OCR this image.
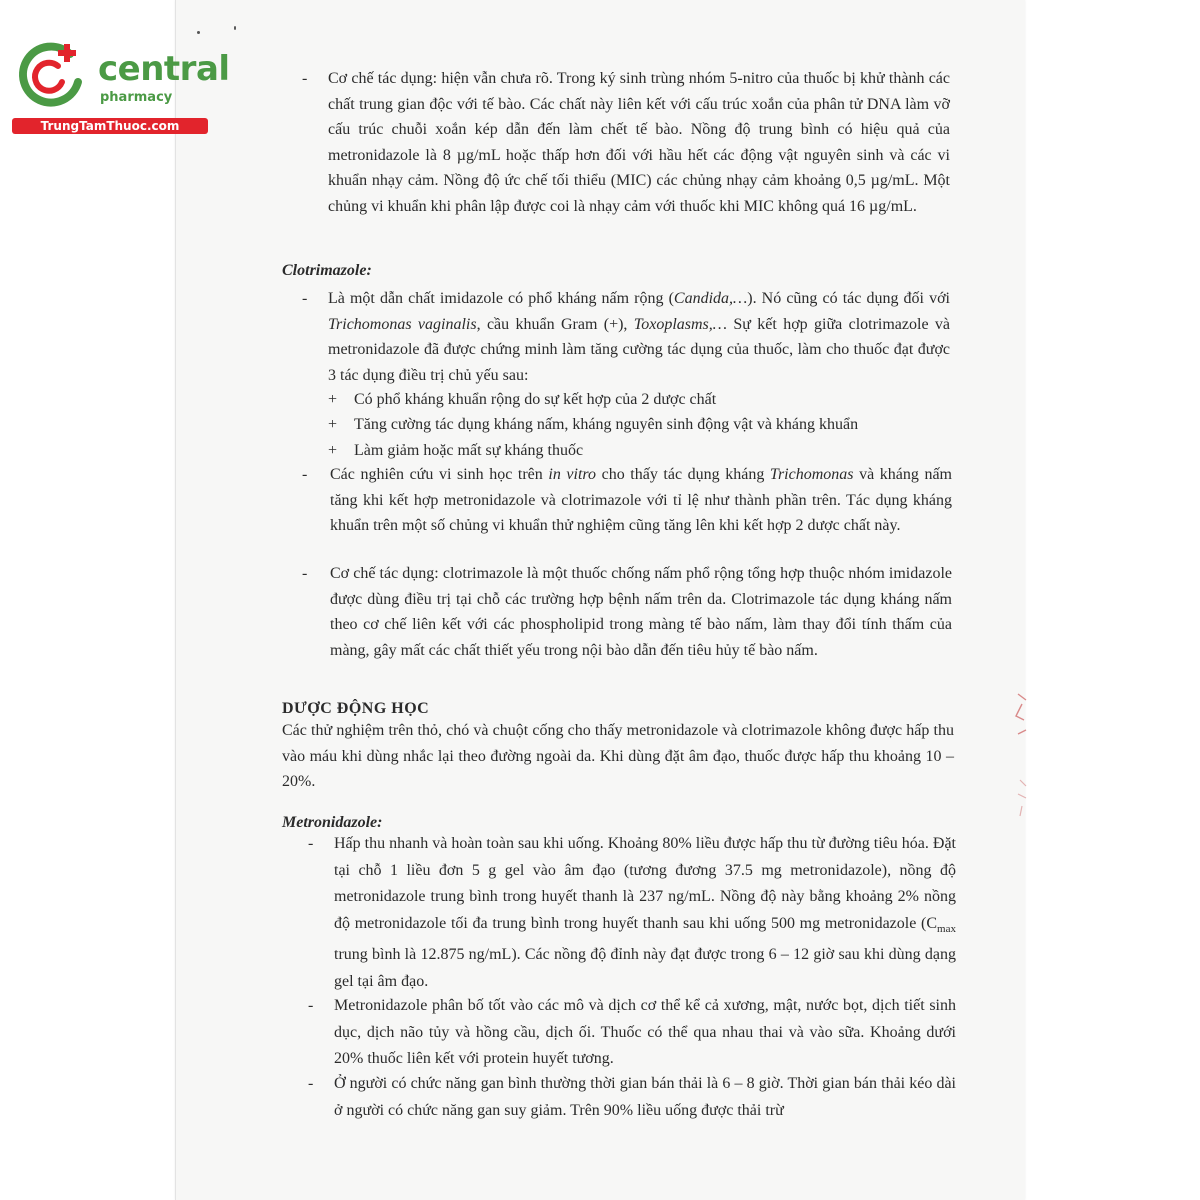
central
pharmacy
TrungTamThuoc.com
-	Cơ chế tác dụng: hiện vẫn chưa rõ. Trong ký sinh trùng nhóm 5-nitro của thuốc bị khử thành các chất trung gian độc với tế bào. Các chất này liên kết với cấu trúc xoắn của phân tử DNA làm vỡ cấu trúc chuỗi xoắn kép dẫn đến làm chết tế bào. Nồng độ trung bình có hiệu quả của metronidazole là 8 µg/mL hoặc thấp hơn đối với hầu hết các động vật nguyên sinh và các vi khuẩn nhạy cảm. Nồng độ ức chế tối thiểu (MIC) các chủng nhạy cảm khoảng 0,5 µg/mL. Một chủng vi khuẩn khi phân lập được coi là nhạy cảm với thuốc khi MIC không quá 16 µg/mL.
Clotrimazole:
-	Là một dẫn chất imidazole có phổ kháng nấm rộng (Candida,…). Nó cũng có tác dụng đối với Trichomonas vaginalis, cầu khuẩn Gram (+), Toxoplasms,… Sự kết hợp giữa clotrimazole và metronidazole đã được chứng minh làm tăng cường tác dụng của thuốc, làm cho thuốc đạt được 3 tác dụng điều trị chủ yếu sau:
+ Có phổ kháng khuẩn rộng do sự kết hợp của 2 dược chất
+ Tăng cường tác dụng kháng nấm, kháng nguyên sinh động vật và kháng khuẩn
+ Làm giảm hoặc mất sự kháng thuốc
-	Các nghiên cứu vi sinh học trên in vitro cho thấy tác dụng kháng Trichomonas và kháng nấm tăng khi kết hợp metronidazole và clotrimazole với tỉ lệ như thành phần trên. Tác dụng kháng khuẩn trên một số chủng vi khuẩn thử nghiệm cũng tăng lên khi kết hợp 2 dược chất này.
-	Cơ chế tác dụng: clotrimazole là một thuốc chống nấm phổ rộng tổng hợp thuộc nhóm imidazole được dùng điều trị tại chỗ các trường hợp bệnh nấm trên da. Clotrimazole tác dụng kháng nấm theo cơ chế liên kết với các phospholipid trong màng tế bào nấm, làm thay đổi tính thấm của màng, gây mất các chất thiết yếu trong nội bào dẫn đến tiêu hủy tế bào nấm.
DƯỢC ĐỘNG HỌC
Các thử nghiệm trên thỏ, chó và chuột cống cho thấy metronidazole và clotrimazole không được hấp thu vào máu khi dùng nhắc lại theo đường ngoài da. Khi dùng đặt âm đạo, thuốc được hấp thu khoảng 10 – 20%.
Metronidazole:
-	Hấp thu nhanh và hoàn toàn sau khi uống. Khoảng 80% liều được hấp thu từ đường tiêu hóa. Đặt tại chỗ 1 liều đơn 5 g gel vào âm đạo (tương đương 37.5 mg metronidazole), nồng độ metronidazole trung bình trong huyết thanh là 237 ng/mL. Nồng độ này bằng khoảng 2% nồng độ metronidazole tối đa trung bình trong huyết thanh sau khi uống 500 mg metronidazole ($C_{max}$ trung bình là 12.875 ng/mL). Các nồng độ đỉnh này đạt được trong 6 – 12 giờ sau khi dùng dạng gel tại âm đạo.
-	Metronidazole phân bố tốt vào các mô và dịch cơ thể kể cả xương, mật, nước bọt, dịch tiết sinh dục, dịch não tủy và hồng cầu, dịch ối. Thuốc có thể qua nhau thai và vào sữa. Khoảng dưới 20% thuốc liên kết với protein huyết tương.
-	Ở người có chức năng gan bình thường thời gian bán thải là 6 – 8 giờ. Thời gian bán thải kéo dài ở người có chức năng gan suy giảm. Trên 90% liều uống được thải trừ
